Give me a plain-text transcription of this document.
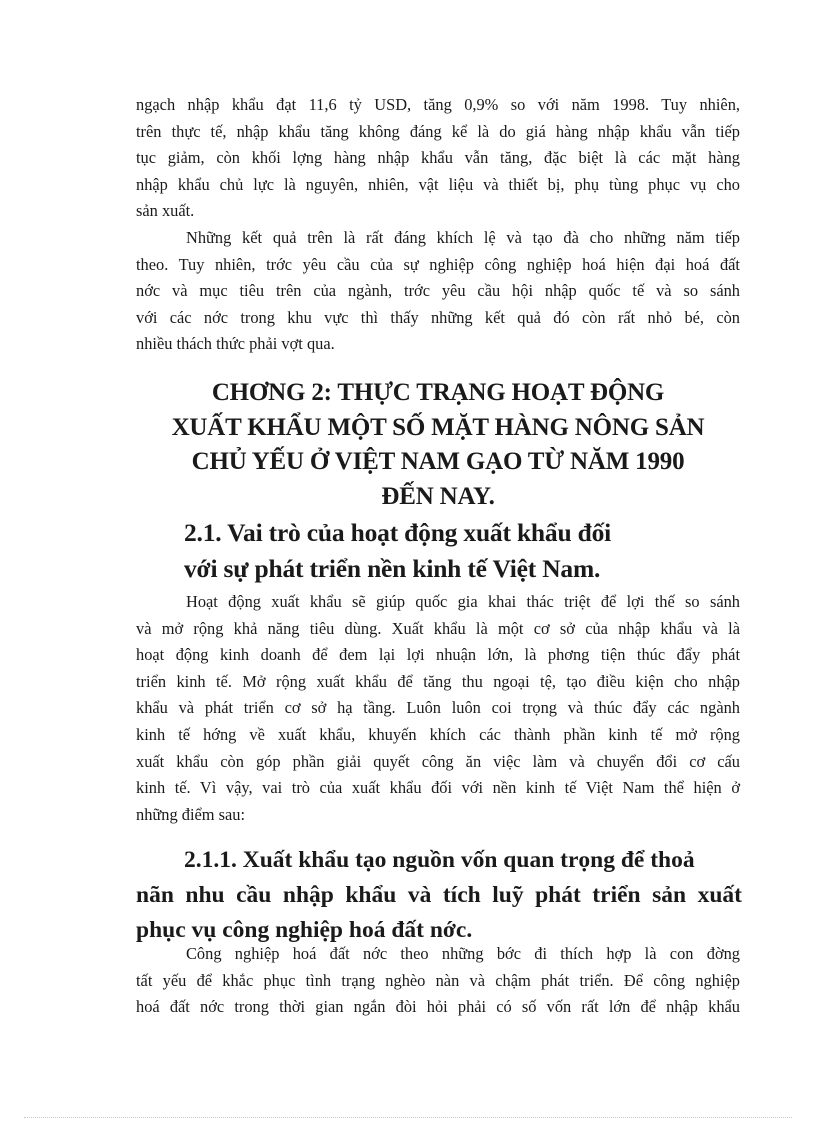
ngạch nhập khẩu đạt 11,6 tỷ USD, tăng 0,9% so với năm 1998. Tuy nhiên,

trên thực tế, nhập khẩu tăng không đáng kể là do giá hàng nhập khẩu vẫn tiếp

tục giảm, còn khối lợng hàng nhập khẩu vẫn tăng, đặc biệt là các mặt hàng

nhập khẩu chủ lực là nguyên, nhiên, vật liệu và thiết bị, phụ tùng phục vụ cho

sản xuất.

Những kết quả trên là rất đáng khích lệ và tạo đà cho những năm tiếp

theo. Tuy nhiên, trớc yêu cầu của sự nghiệp công nghiệp hoá hiện đại hoá đất

nớc và mục tiêu trên của ngành, trớc yêu cầu hội nhập quốc tế và so sánh

với các nớc trong khu vực thì thấy những kết quả đó còn rất nhỏ bé, còn

nhiều thách thức phải vợt qua.

CHƠNG 2: THỰC TRẠNG HOẠT ĐỘNG
XUẤT KHẨU MỘT SỐ MẶT HÀNG NÔNG SẢN
CHỦ YẾU Ở VIỆT NAM GẠO TỪ NĂM 1990
ĐẾN NAY.
2.1. Vai trò của hoạt động xuất khẩu đối
với sự phát triển nền kinh tế Việt Nam.

Hoạt động xuất khẩu sẽ giúp quốc gia khai thác triệt để lợi thế so sánh

và mở rộng khả năng tiêu dùng. Xuất khẩu là một cơ sở của nhập khẩu và là

hoạt động kinh doanh để đem lại lợi nhuận lớn, là phơng tiện thúc đẩy phát

triển kinh tế. Mở rộng xuất khẩu để tăng thu ngoại tệ, tạo điều kiện cho nhập

khẩu và phát triển cơ sở hạ tầng. Luôn luôn coi trọng và thúc đẩy các ngành

kinh tế hớng về xuất khẩu, khuyến khích các thành phần kinh tế mở rộng

xuất khẩu còn góp phần giải quyết công ăn việc làm và chuyển đổi cơ cấu

kinh tế. Vì vậy, vai trò của xuất khẩu đối với nền kinh tế Việt Nam thể hiện ở

những điểm sau:

2.1.1. Xuất khẩu tạo nguồn vốn quan trọng để thoả
nãn nhu cầu nhập khẩu và tích luỹ phát triển sản xuất
phục vụ công nghiệp hoá đất nớc.

Công nghiệp hoá đất nớc theo những bớc đi thích hợp là con đờng

tất yếu để khắc phục tình trạng nghèo nàn và chậm phát triển. Để công nghiệp

hoá đất nớc trong thời gian ngắn đòi hỏi phải có số vốn rất lớn để nhập khẩu
